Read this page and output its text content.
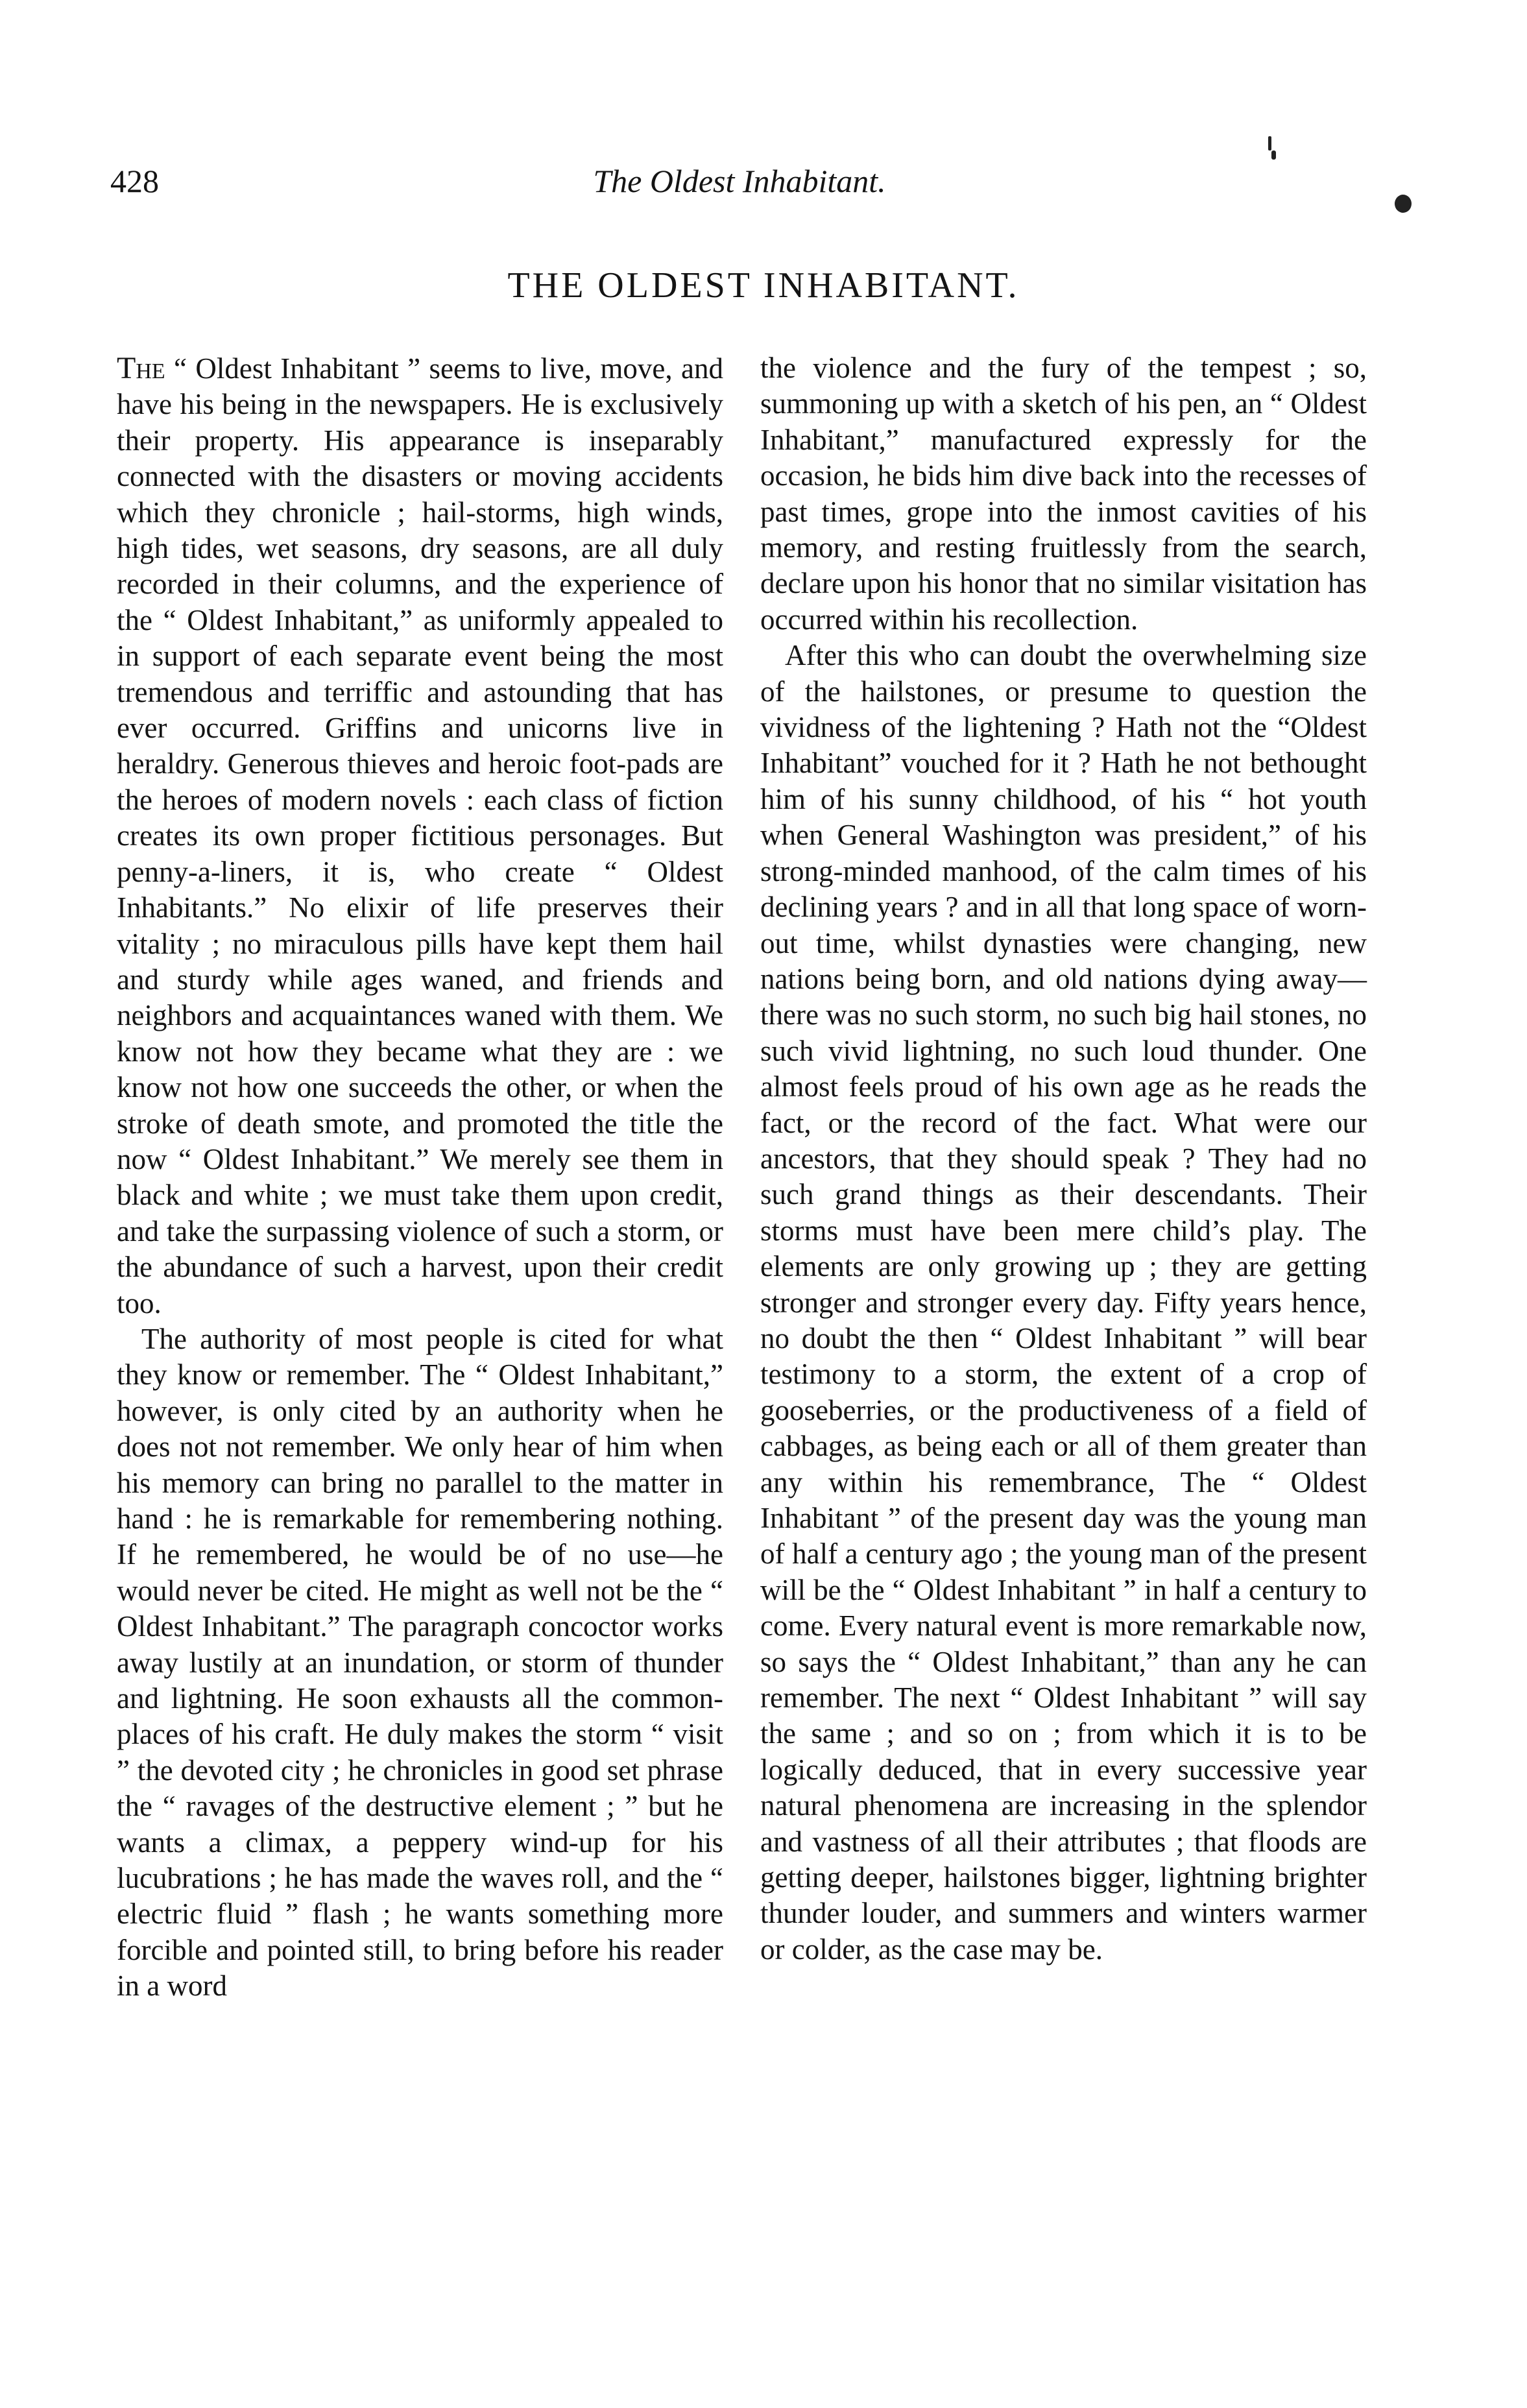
428	The Oldest Inhabitant.
THE OLDEST INHABITANT.

The “ Oldest Inhabitant ” seems to live, move, and have his being in the newspapers. He is exclusively their property. His appearance is inseparably connected with the disasters or moving accidents which they chronicle ; hail-storms, high winds, high tides, wet seasons, dry seasons, are all duly recorded in their columns, and the experience of the “ Oldest Inhabitant,” as uniformly appealed to in support of each separate event being the most tremendous and terriffic and astounding that has ever occurred. Griffins and unicorns live in heraldry. Generous thieves and heroic foot-pads are the heroes of modern novels : each class of fiction creates its own proper fictitious personages. But penny-a-liners, it is, who create “ Oldest Inhabitants.” No elixir of life preserves their vitality ; no miraculous pills have kept them hail and sturdy while ages waned, and friends and neighbors and acquaintances waned with them. We know not how they became what they are : we know not how one succeeds the other, or when the stroke of death smote, and promoted the title the now “ Oldest Inhabitant.” We merely see them in black and white ; we must take them upon credit, and take the surpassing violence of such a storm, or the abundance of such a harvest, upon their credit too.

The authority of most people is cited for what they know or remember. The “ Oldest Inhabitant,” however, is only cited by an authority when he does not not remember. We only hear of him when his memory can bring no parallel to the matter in hand : he is remarkable for remembering nothing. If he remembered, he would be of no use—he would never be cited. He might as well not be the “ Oldest Inhabitant.” The paragraph concoctor works away lustily at an inundation, or storm of thunder and lightning. He soon exhausts all the common-places of his craft. He duly makes the storm “ visit ” the devoted city ; he chronicles in good set phrase the “ ravages of the destructive element ; ” but he wants a climax, a peppery wind-up for his lucubrations ; he has made the waves roll, and the “ electric fluid ” flash ; he wants something more forcible and pointed still, to bring before his reader in a word

the violence and the fury of the tempest ; so, summoning up with a sketch of his pen, an “ Oldest Inhabitant,” manufactured expressly for the occasion, he bids him dive back into the recesses of past times, grope into the inmost cavities of his memory, and resting fruitlessly from the search, declare upon his honor that no similar visitation has occurred within his recollection.

After this who can doubt the overwhelming size of the hailstones, or presume to question the vividness of the lightening ? Hath not the “Oldest Inhabitant” vouched for it ? Hath he not bethought him of his sunny childhood, of his “ hot youth when General Washington was president,” of his strong-minded manhood, of the calm times of his declining years ? and in all that long space of worn-out time, whilst dynasties were changing, new nations being born, and old nations dying away—there was no such storm, no such big hail stones, no such vivid lightning, no such loud thunder. One almost feels proud of his own age as he reads the fact, or the record of the fact. What were our ancestors, that they should speak ? They had no such grand things as their descendants. Their storms must have been mere child’s play. The elements are only growing up ; they are getting stronger and stronger every day. Fifty years hence, no doubt the then “ Oldest Inhabitant ” will bear testimony to a storm, the extent of a crop of gooseberries, or the productiveness of a field of cabbages, as being each or all of them greater than any within his remembrance, The “ Oldest Inhabitant ” of the present day was the young man of half a century ago ; the young man of the present will be the “ Oldest Inhabitant ” in half a century to come. Every natural event is more remarkable now, so says the “ Oldest Inhabitant,” than any he can remember. The next “ Oldest Inhabitant ” will say the same ; and so on ; from which it is to be logically deduced, that in every successive year natural phenomena are increasing in the splendor and vastness of all their attributes ; that floods are getting deeper, hailstones bigger, lightning brighter thunder louder, and summers and winters warmer or colder, as the case may be.
